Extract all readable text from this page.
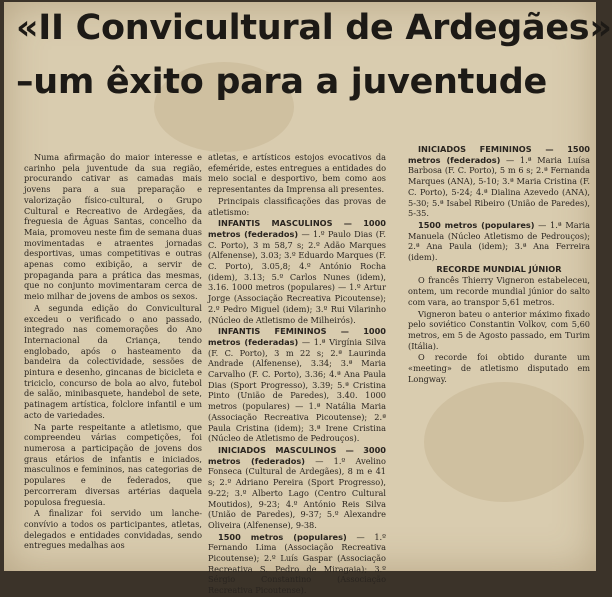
«II Convicultural de Ardegães»
–um êxito para a juventude

Numa afirmação do maior interesse e carinho pela juventude da sua região, procurando cativar as camadas mais jovens para a sua preparação e valorização físico-cultural, o Grupo Cultural e Recreativo de Ardegães, da freguesia de Águas Santas, concelho da Maia, promoveu neste fim de semana duas movimentadas e atraentes jornadas desportivas, umas competitivas e outras apenas como exibição, a servir de propaganda para a prática das mesmas, que no conjunto movimentaram cerca de meio milhar de jovens de ambos os sexos.

A segunda edição do Convicultural excedeu o verificado o ano passado, integrado nas comemorações do Ano Internacional da Criança, tendo englobado, após o hasteamento da bandeira da colectividade, sessões de pintura e desenho, gincanas de bicicleta e triciclo, concurso de bola ao alvo, futebol de salão, minibasquete, handebol de sete, patinagem artística, folclore infantil e um acto de variedades.

Na parte respeitante a atletismo, que compreendeu várias competições, foi numerosa a participação de jovens dos graus etários de infantis e iniciados, masculinos e femininos, nas categorias de populares e de federados, que percorreram diversas artérias daquela populosa freguesia.

A finalizar foi servido um lanche-convívio a todos os participantes, atletas, delegados e entidades convidadas, sendo entregues medalhas aos

atletas, e artísticos estojos evocativos da efeméride, estes entregues a entidades do meio social e desportivo, bem como aos representantes da Imprensa ali presentes.

Principais classificações das provas de atletismo:

INFANTIS MASCULINOS — 1000 metros (federados) — 1.º Paulo Dias (F. C. Porto), 3 m 58,7 s; 2.º Adão Marques (Alfenense), 3.03; 3.º Eduardo Marques (F. C. Porto), 3.05,8; 4.º António Rocha (idem), 3.13; 5.º Carlos Nunes (idem), 3.16. 1000 metros (populares) — 1.º Artur Jorge (Associação Recreativa Picoutense); 2.º Pedro Miguel (idem); 3.º Rui Vilarinho (Núcleo de Atletismo de Milheirós).

INFANTIS FEMININOS — 1000 metros (federadas) — 1.ª Virgínia Silva (F. C. Porto), 3 m 22 s; 2.ª Laurinda Andrade (Alfenense), 3.34; 3.ª Maria Carvalho (F. C. Porto), 3.36; 4.ª Ana Paula Dias (Sport Progresso), 3.39; 5.ª Cristina Pinto (União de Paredes), 3.40. 1000 metros (populares) — 1.ª Natália Maria (Associação Recreativa Picoutense); 2.ª Paula Cristina (idem); 3.ª Irene Cristina (Núcleo de Atletismo de Pedrouços).

INICIADOS MASCULINOS — 3000 metros (federados) — 1.º Avelino Fonseca (Cultural de Ardegães), 8 m e 41 s; 2.º Adriano Pereira (Sport Progresso), 9-22; 3.º Alberto Lago (Centro Cultural Moutidos), 9-23; 4.º António Reis Silva (União de Paredes), 9-37; 5.º Alexandre Oliveira (Alfenense), 9-38.

1500 metros (populares) — 1.º Fernando Lima (Associação Recreativa Picoutense); 2.º Luís Gaspar (Associação Recreativa S. Pedro de Miragaia); 3.º Sérgio Constantino (Associação Recreativa Picoutense).

INICIADOS FEMININOS — 1500 metros (federados) — 1.ª Maria Luísa Barbosa (F. C. Porto), 5 m 6 s; 2.ª Fernanda Marques (ANA), 5-10; 3.ª Maria Cristina (F. C. Porto), 5-24; 4.ª Dialina Azevedo (ANA), 5-30; 5.ª Isabel Ribeiro (União de Paredes), 5-35.

1500 metros (populares) — 1.ª Maria Manuela (Núcleo Atletismo de Pedrouços); 2.ª Ana Paula (idem); 3.ª Ana Ferreira (idem).

RECORDE MUNDIAL JÚNIOR

O francês Thierry Vigneron estabeleceu, ontem, um recorde mundial júnior do salto com vara, ao transpor 5,61 metros.

Vigneron bateu o anterior máximo fixado pelo soviético Constantin Volkov, com 5,60 metros, em 5 de Agosto passado, em Turim (Itália).

O recorde foi obtido durante um «meeting» de atletismo disputado em Longway.
